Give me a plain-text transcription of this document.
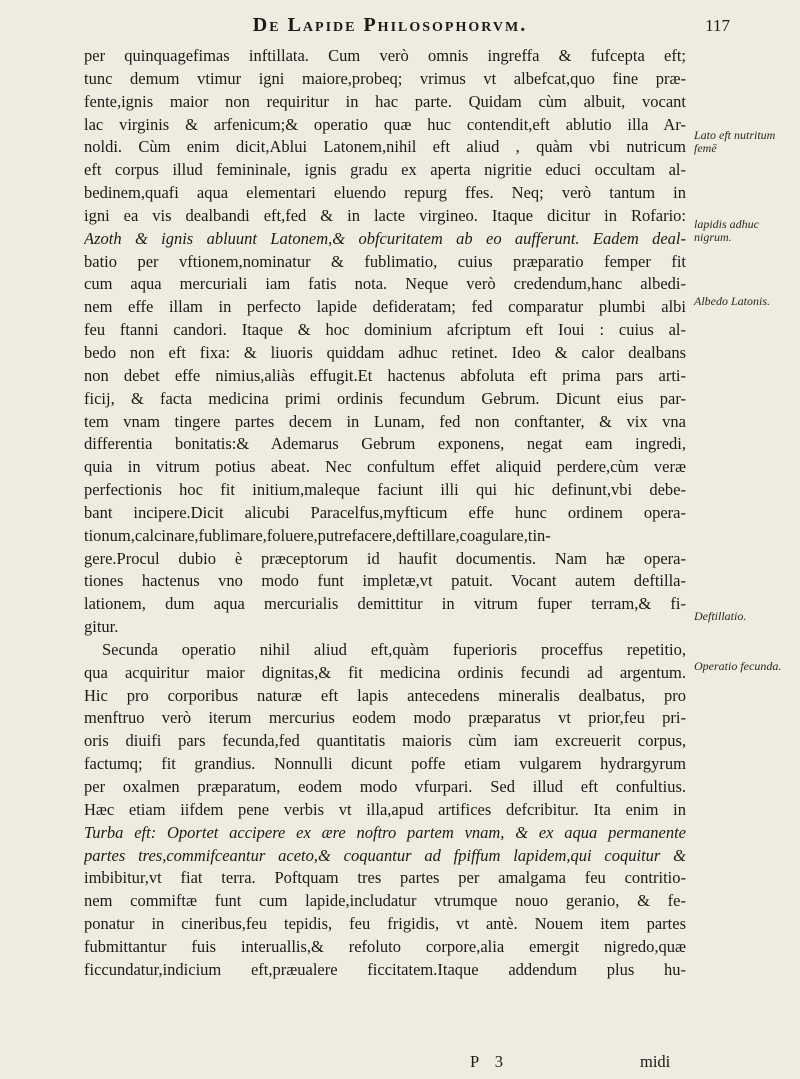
De Lapide Philosophorvm.	117
per quinquagefimas inftillata. Cum verò omnis ingreffa & fufcepta eft;
tunc demum vtimur igni maiore,probeq; vrimus vt albefcat,quo fine præ-
fente,ignis maior non requiritur in hac parte. Quidam cùm albuit, vocant
lac virginis & arfenicum;& operatio quæ huc contendit,eft ablutio illa Ar-
noldi. Cùm enim dicit,Ablui Latonem,nihil eft aliud , quàm vbi nutricum
eft corpus illud femininale, ignis gradu ex aperta nigritie educi occultam al-
bedinem,quafi aqua elementari eluendo repurg ffes. Neq; verò tantum in
igni ea vis dealbandi eft,fed & in lacte virgineo. Itaque dicitur in Rofario:
Azoth & ignis abluunt Latonem,& obfcuritatem ab eo aufferunt. Eadem deal-
batio per vftionem,nominatur & fublimatio, cuius præparatio femper fit
cum aqua mercuriali iam fatis nota. Neque verò credendum,hanc albedi-
nem effe illam in perfecto lapide defideratam; fed comparatur plumbi albi
feu ftanni candori. Itaque & hoc dominium afcriptum eft Ioui : cuius al-
bedo non eft fixa: & liuoris quiddam adhuc retinet. Ideo & calor dealbans
non debet effe nimius,aliàs effugit.Et hactenus abfoluta eft prima pars arti-
ficij, & facta medicina primi ordinis fecundum Gebrum. Dicunt eius par-
tem vnam tingere partes decem in Lunam, fed non conftanter, & vix vna
differentia bonitatis:& Ademarus Gebrum exponens, negat eam ingredi,
quia in vitrum potius abeat. Nec confultum effet aliquid perdere,cùm veræ
perfectionis hoc fit initium,maleque faciunt illi qui hic definunt,vbi debe-
bant incipere.Dicit alicubi Paracelfus,myfticum effe hunc ordinem opera-
tionum,calcinare,fublimare,foluere,putrefacere,deftillare,coagulare,tin-
gere.Procul dubio è præceptorum id haufit documentis. Nam hæ opera-
tiones hactenus vno modo funt impletæ,vt patuit. Vocant autem deftilla-
lationem, dum aqua mercurialis demittitur in vitrum fuper terram,& fi-
gitur.
Secunda operatio nihil aliud eft,quàm fuperioris proceffus repetitio,
qua acquiritur maior dignitas,& fit medicina ordinis fecundi ad argentum.
Hic pro corporibus naturæ eft lapis antecedens mineralis dealbatus, pro
menftruo verò iterum mercurius eodem modo præparatus vt prior,feu pri-
oris diuifi pars fecunda,fed quantitatis maioris cùm iam excreuerit corpus,
factumq; fit grandius. Nonnulli dicunt poffe etiam vulgarem hydrargyrum
per oxalmen præparatum, eodem modo vfurpari. Sed illud eft confultius.
Hæc etiam iifdem pene verbis vt illa,apud artifices defcribitur. Ita enim in
Turba eft: Oportet accipere ex ære noftro partem vnam, & ex aqua permanente
partes tres,commifceantur aceto,& coquantur ad fpiffum lapidem,qui coquitur &
imbibitur,vt fiat terra. Poftquam tres partes per amalgama feu contritio-
nem commiftæ funt cum lapide,includatur vtrumque nouo geranio, & fe-
ponatur in cineribus,feu tepidis, feu frigidis, vt antè. Nouem item partes
fubmittantur fuis interuallis,& refoluto corpore,alia emergit nigredo,quæ
ficcundatur,indicium eft,præualere ficcitatem.Itaque addendum plus hu-
Lato eft nutritum femē
lapidis adhuc nigrum.
Albedo Latonis.
Deftillatio.
Operatio fecunda.
P 3	midi
